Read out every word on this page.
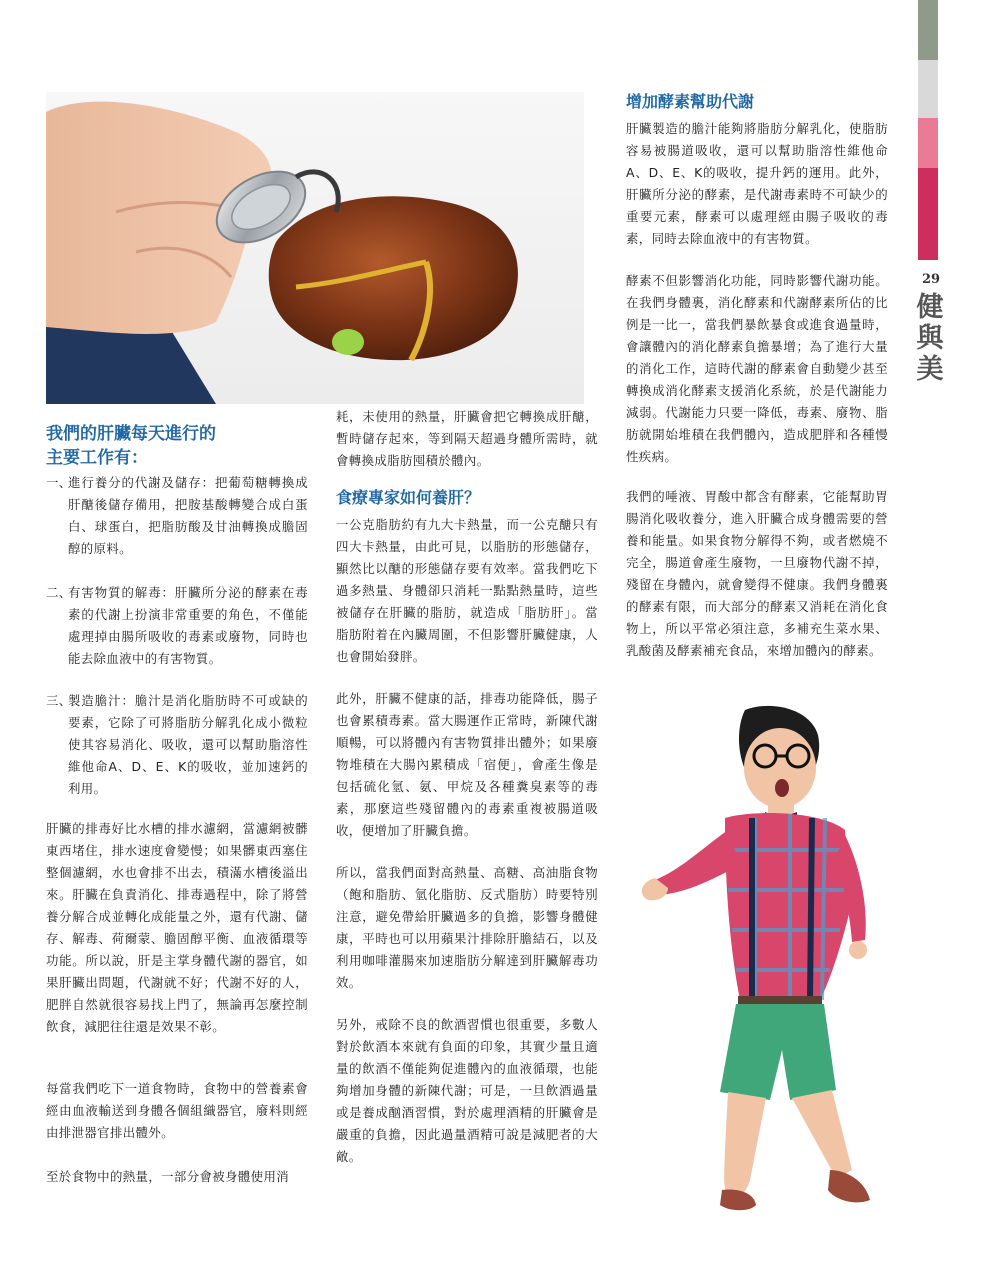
29
健
與
美
我們的肝臟每天進行的
主要工作有：
一、
進行養分的代謝及儲存：把葡萄糖轉換成肝醣後儲存備用，把胺基酸轉變合成白蛋白、球蛋白，把脂肪酸及甘油轉換成膽固醇的原料。
二、
有害物質的解毒：肝臟所分泌的酵素在毒素的代謝上扮演非常重要的角色，不僅能處理掉由腸所吸收的毒素或廢物，同時也能去除血液中的有害物質。
三、
製造膽汁：膽汁是消化脂肪時不可或缺的要素，它除了可將脂肪分解乳化成小微粒使其容易消化、吸收，還可以幫助脂溶性維他命A、D、E、K的吸收，並加速鈣的利用。
肝臟的排毒好比水槽的排水濾網，當濾網被髒東西堵住，排水速度會變慢；如果髒東西塞住整個濾網，水也會排不出去，積滿水槽後溢出來。肝臟在負責消化、排毒過程中，除了將營養分解合成並轉化成能量之外，還有代謝、儲存、解毒、荷爾蒙、膽固醇平衡、血液循環等功能。所以說，肝是主掌身體代謝的器官，如果肝臟出問題，代謝就不好；代謝不好的人，肥胖自然就很容易找上門了，無論再怎麼控制飲食，減肥往往還是效果不彰。
每當我們吃下一道食物時，食物中的營養素會經由血液輸送到身體各個組織器官，廢料則經由排泄器官排出體外。
至於食物中的熱量，一部分會被身體使用消
耗，未使用的熱量，肝臟會把它轉換成肝醣，暫時儲存起來，等到隔天超過身體所需時，就會轉換成脂肪囤積於體內。
食療專家如何養肝？
一公克脂肪約有九大卡熱量，而一公克醣只有四大卡熱量，由此可見，以脂肪的形態儲存，顯然比以醣的形態儲存要有效率。當我們吃下過多熱量、身體卻只消耗一點點熱量時，這些被儲存在肝臟的脂肪，就造成「脂肪肝」。當脂肪附着在內臟周圍，不但影響肝臟健康，人也會開始發胖。
此外，肝臟不健康的話，排毒功能降低，腸子也會累積毒素。當大腸運作正常時，新陳代謝順暢，可以將體內有害物質排出體外；如果廢物堆積在大腸內累積成「宿便」，會產生像是包括硫化氫、氨、甲烷及各種糞臭素等的毒素，那麼這些殘留體內的毒素重複被腸道吸收，便增加了肝臟負擔。
所以，當我們面對高熱量、高糖、高油脂食物（飽和脂肪、氫化脂肪、反式脂肪）時要特別注意，避免帶給肝臟過多的負擔，影響身體健康，平時也可以用蘋果汁排除肝膽結石，以及利用咖啡灌腸來加速脂肪分解達到肝臟解毒功效。
另外，戒除不良的飲酒習慣也很重要，多數人對於飲酒本來就有負面的印象，其實少量且適量的飲酒不僅能夠促進體內的血液循環，也能夠增加身體的新陳代謝；可是，一旦飲酒過量或是養成酗酒習慣，對於處理酒精的肝臟會是嚴重的負擔，因此過量酒精可說是減肥者的大敵。
增加酵素幫助代謝
肝臟製造的膽汁能夠將脂肪分解乳化，使脂肪容易被腸道吸收，還可以幫助脂溶性維他命A、D、E、K的吸收，提升鈣的運用。此外，肝臟所分泌的酵素，是代謝毒素時不可缺少的重要元素，酵素可以處理經由腸子吸收的毒素，同時去除血液中的有害物質。
酵素不但影響消化功能，同時影響代謝功能。在我們身體裏，消化酵素和代謝酵素所佔的比例是一比一，當我們暴飲暴食或進食過量時，會讓體內的消化酵素負擔暴增；為了進行大量的消化工作，這時代謝的酵素會自動變少甚至轉換成消化酵素支援消化系統，於是代謝能力減弱。代謝能力只要一降低，毒素、廢物、脂肪就開始堆積在我們體內，造成肥胖和各種慢性疾病。
我們的唾液、胃酸中都含有酵素，它能幫助胃腸消化吸收養分，進入肝臟合成身體需要的營養和能量。如果食物分解得不夠，或者燃燒不完全，腸道會產生廢物，一旦廢物代謝不掉，殘留在身體內，就會變得不健康。我們身體裏的酵素有限，而大部分的酵素又消耗在消化食物上，所以平常必須注意，多補充生菜水果、乳酸菌及酵素補充食品，來增加體內的酵素。
